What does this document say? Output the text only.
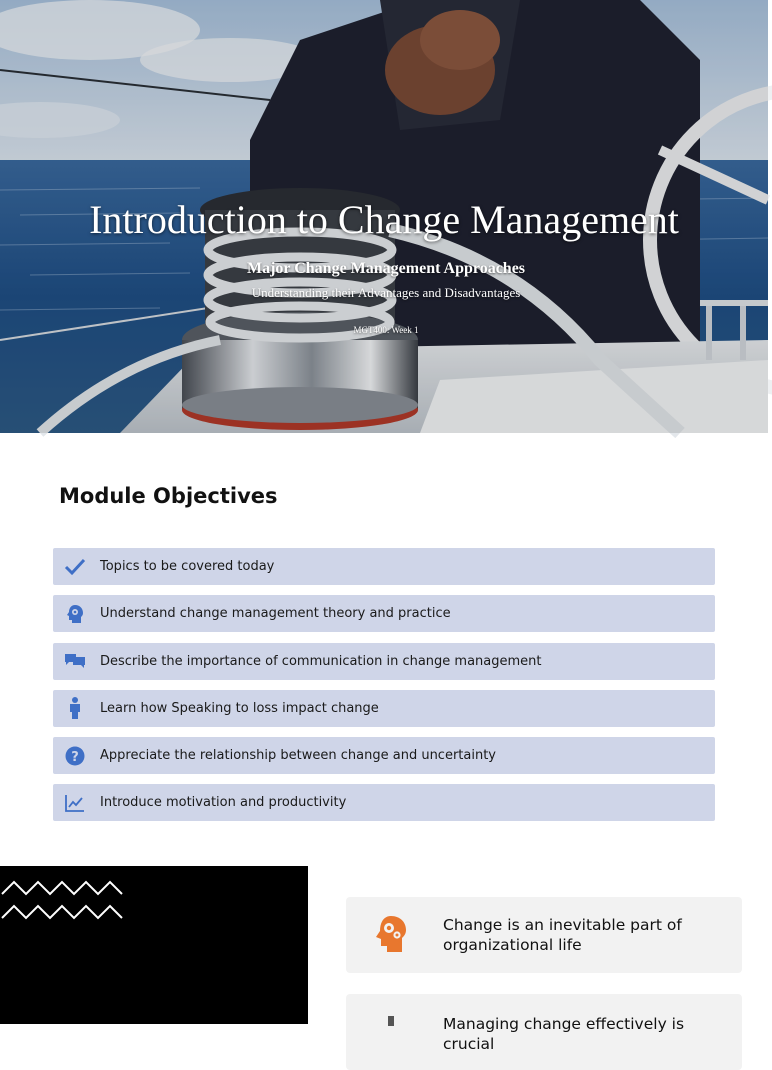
Introduction to Change Management
Major Change Management Approaches
Understanding their Advantages and Disadvantages
MGT400: Week 1
Module Objectives
Topics to be covered today
Understand change management theory and practice
Describe the importance of communication in change management
Learn how Speaking to loss impact change
? Appreciate the relationship between change and uncertainty
Introduce motivation and productivity
Change is an inevitable part of organizational life
Managing change effectively is crucial
